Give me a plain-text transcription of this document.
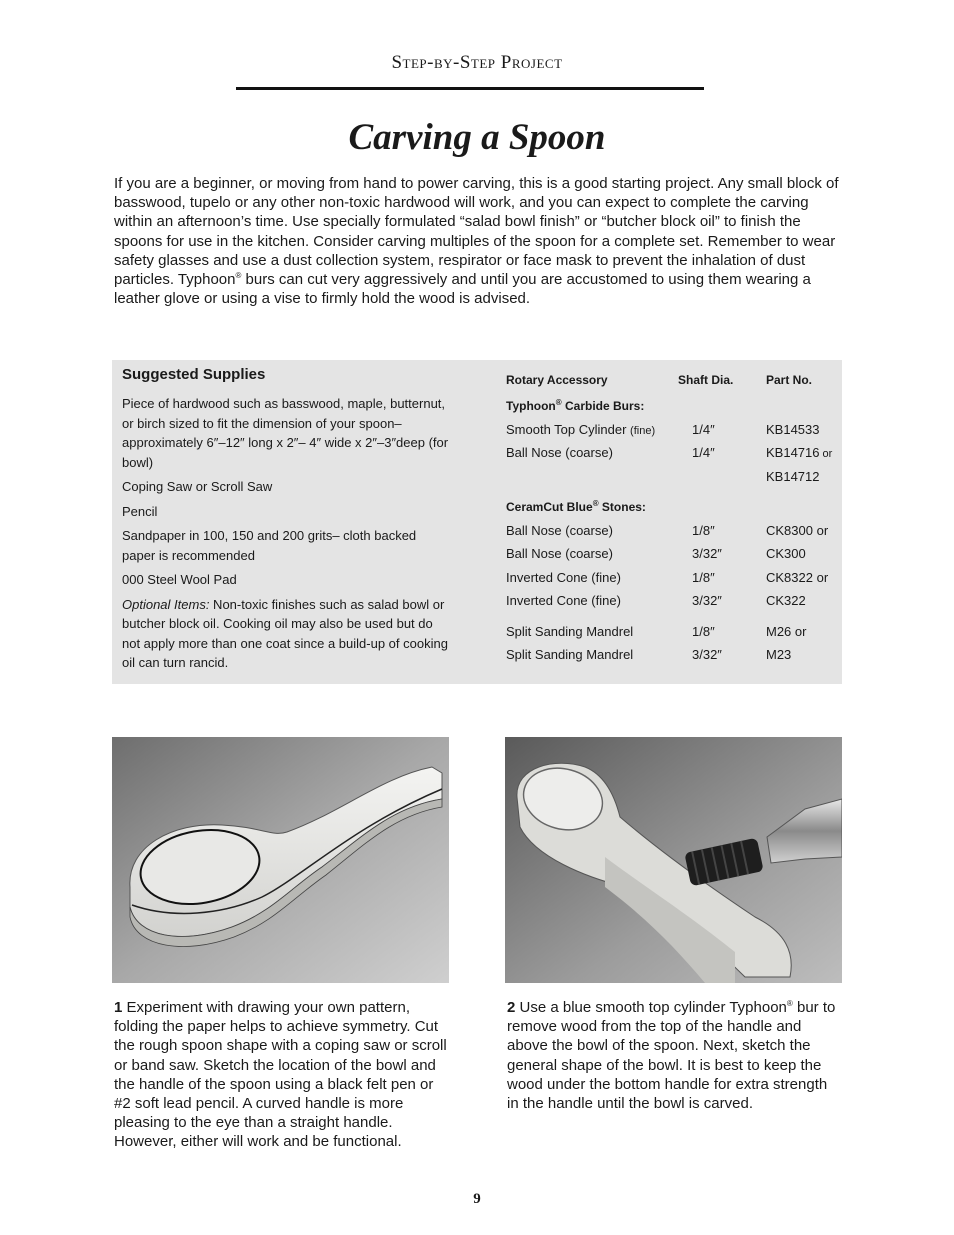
Step-by-Step Project
Carving a Spoon
If you are a beginner, or moving from hand to power carving, this is a good starting project. Any small block of basswood, tupelo or any other non-toxic hardwood will work, and you can expect to complete the carving within an afternoon’s time. Use specially formulated “salad bowl finish” or “butcher block oil” to finish the spoons for use in the kitchen. Consider carving multiples of the spoon for a complete set. Remember to wear safety glasses and use a dust collection system, respirator or face mask to prevent the inhalation of dust particles. Typhoon® burs can cut very aggressively and until you are accustomed to using them wearing a leather glove or using a vise to firmly hold the wood is advised.
Suggested Supplies
Piece of hardwood such as basswood, maple, butternut, or birch sized to fit the dimension of your spoon–approximately 6″–12″ long x 2″– 4″ wide x 2″–3″deep (for bowl)
Coping Saw or Scroll Saw
Pencil
Sandpaper in 100, 150 and 200 grits– cloth backed paper is recommended
000 Steel Wool Pad
Optional Items: Non-toxic finishes such as salad bowl or butcher block oil. Cooking oil may also be used but do not apply more than one coat since a build-up of cooking oil can turn rancid.
Rotary Accessory	Shaft Dia.	Part No.
Typhoon® Carbide Burs:		
Smooth Top Cylinder (fine)	1/4″	KB14533
Ball Nose (coarse)	1/4″	KB14716 or
		KB14712

CeramCut Blue® Stones:		
Ball Nose (coarse)	1/8″	CK8300 or
Ball Nose (coarse)	3/32″	CK300
Inverted Cone (fine)	1/8″	CK8322 or
Inverted Cone (fine)	3/32″	CK322

Split Sanding Mandrel	1/8″	M26 or
Split Sanding Mandrel	3/32″	M23
1 Experiment with drawing your own pattern, folding the paper helps to achieve symmetry. Cut the rough spoon shape with a coping saw or scroll or band saw. Sketch the location of the bowl and the handle of the spoon using a black felt pen or #2 soft lead pencil. A curved handle is more pleasing to the eye than a straight handle. However, either will work and be functional.
2 Use a blue smooth top cylinder Typhoon® bur to remove wood from the top of the handle and above the bowl of the spoon. Next, sketch the general shape of the bowl. It is best to keep the wood under the bottom handle for extra strength in the handle until the bowl is carved.
9
